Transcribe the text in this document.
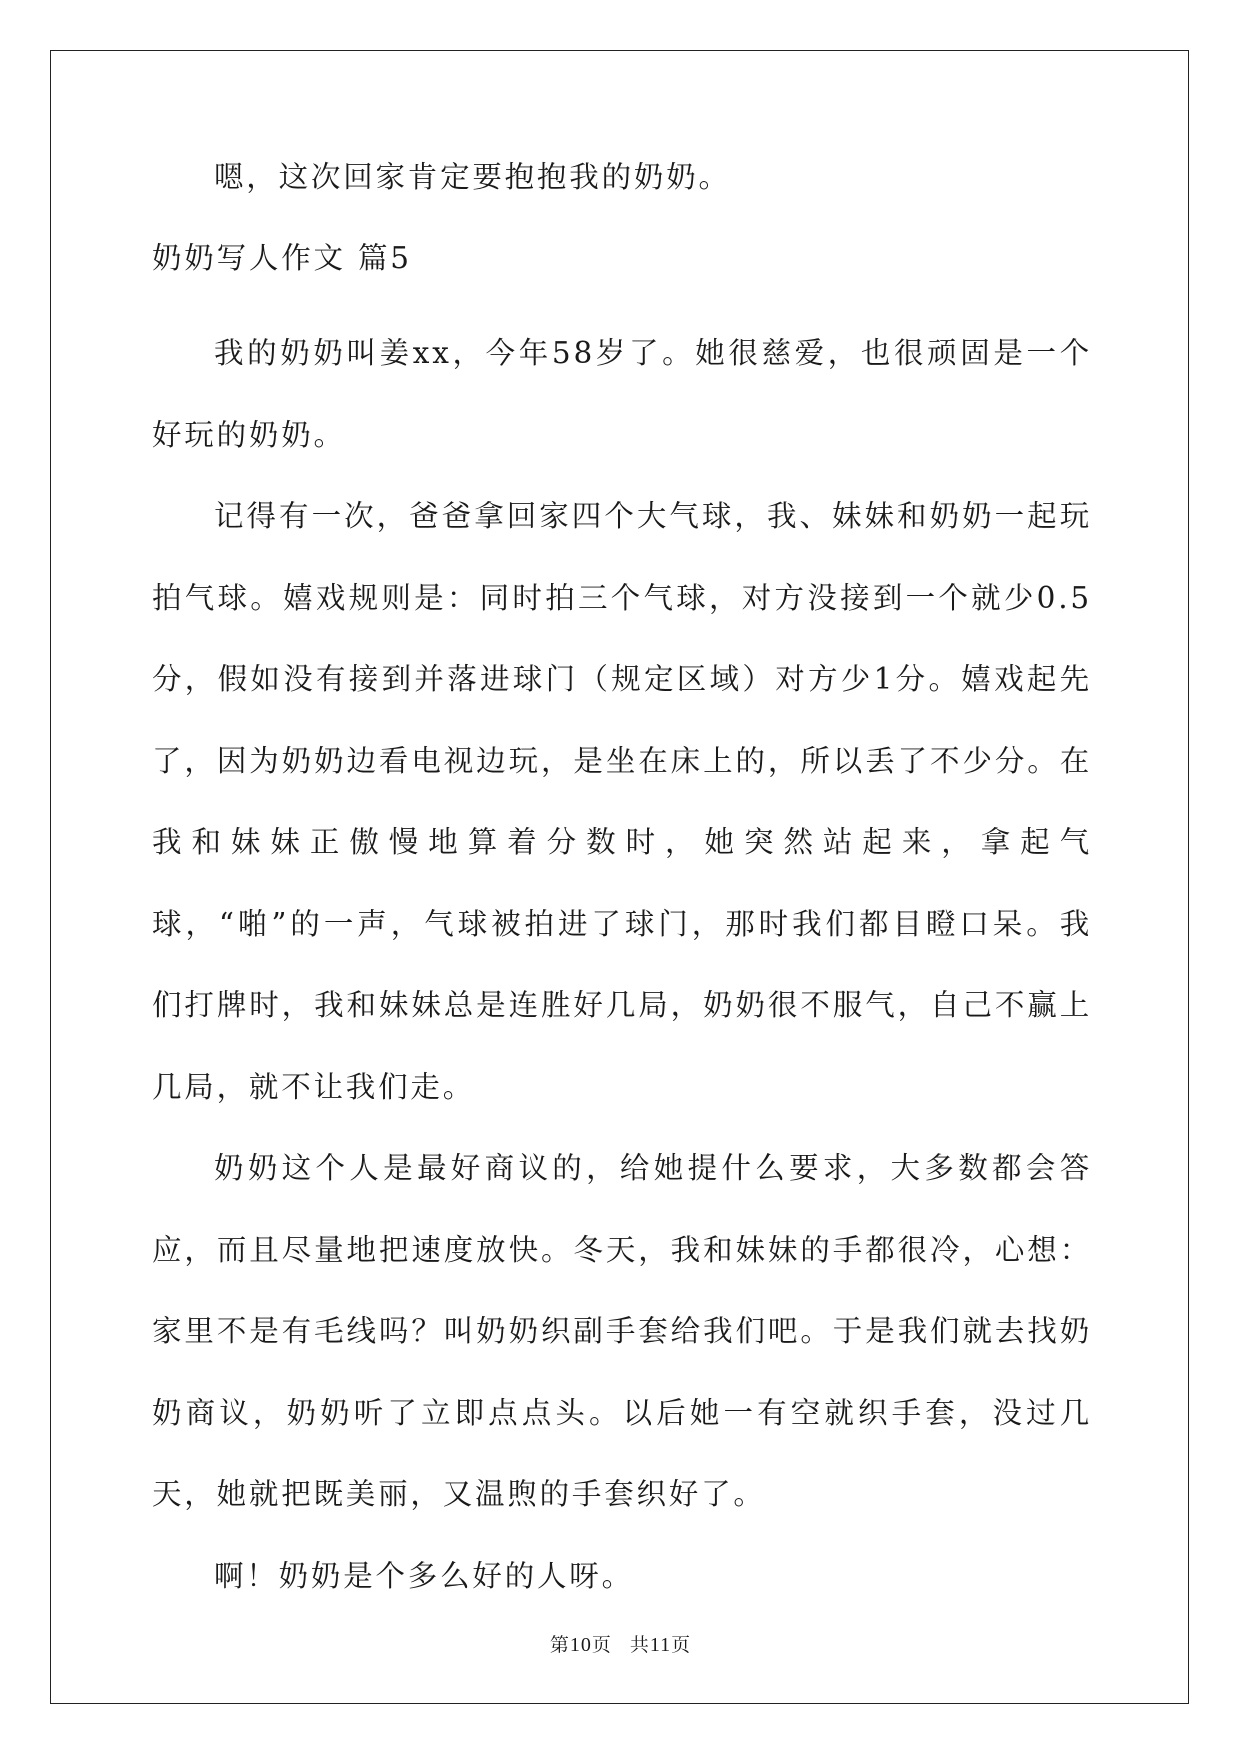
嗯，这次回家肯定要抱抱我的奶奶。

奶奶写人作文 篇5

我的奶奶叫姜xx，今年58岁了。她很慈爱，也很顽固是一个好玩的奶奶。

记得有一次，爸爸拿回家四个大气球，我、妹妹和奶奶一起玩拍气球。嬉戏规则是：同时拍三个气球，对方没接到一个就少0.5分，假如没有接到并落进球门（规定区域）对方少1分。嬉戏起先了，因为奶奶边看电视边玩，是坐在床上的，所以丢了不少分。在我和妹妹正傲慢地算着分数时，她突然站起来，拿起气球，“啪”的一声，气球被拍进了球门，那时我们都目瞪口呆。我们打牌时，我和妹妹总是连胜好几局，奶奶很不服气，自己不赢上几局，就不让我们走。

奶奶这个人是最好商议的，给她提什么要求，大多数都会答应，而且尽量地把速度放快。冬天，我和妹妹的手都很冷，心想：家里不是有毛线吗？叫奶奶织副手套给我们吧。于是我们就去找奶奶商议，奶奶听了立即点点头。以后她一有空就织手套，没过几天，她就把既美丽，又温煦的手套织好了。

啊！奶奶是个多么好的人呀。

第10页 共11页
